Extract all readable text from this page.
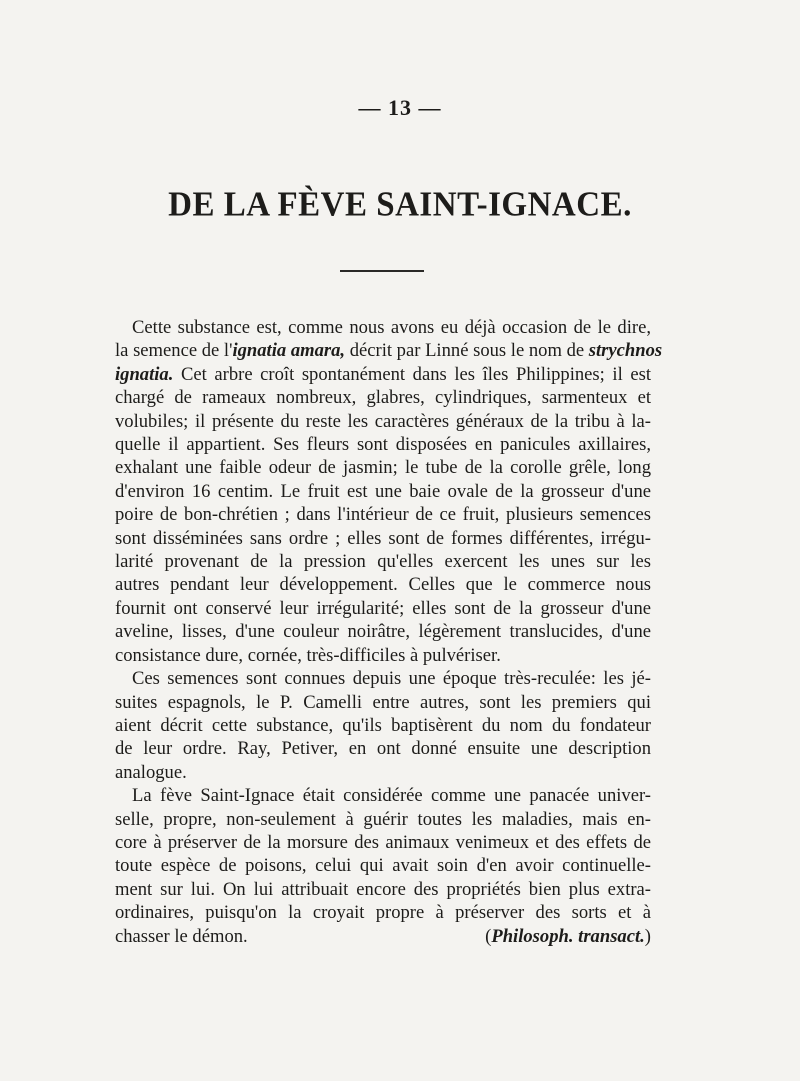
— 13 —
DE LA FÈVE SAINT-IGNACE.

Cette substance est, comme nous avons eu déjà occasion de le dire,
la semence de l'ignatia amara, décrit par Linné sous le nom de strychnos
ignatia. Cet arbre croît spontanément dans les îles Philippines; il est
chargé de rameaux nombreux, glabres, cylindriques, sarmenteux et
volubiles; il présente du reste les caractères généraux de la tribu à la-
quelle il appartient. Ses fleurs sont disposées en panicules axillaires,
exhalant une faible odeur de jasmin; le tube de la corolle grêle, long
d'environ 16 centim. Le fruit est une baie ovale de la grosseur d'une
poire de bon-chrétien ; dans l'intérieur de ce fruit, plusieurs semences
sont disséminées sans ordre ; elles sont de formes différentes, irrégu-
larité provenant de la pression qu'elles exercent les unes sur les
autres pendant leur développement. Celles que le commerce nous
fournit ont conservé leur irrégularité; elles sont de la grosseur d'une
aveline, lisses, d'une couleur noirâtre, légèrement translucides, d'une
consistance dure, cornée, très-difficiles à pulvériser.

Ces semences sont connues depuis une époque très-reculée: les jé-
suites espagnols, le P. Camelli entre autres, sont les premiers qui
aient décrit cette substance, qu'ils baptisèrent du nom du fondateur
de leur ordre. Ray, Petiver, en ont donné ensuite une description
analogue.

La fève Saint-Ignace était considérée comme une panacée univer-
selle, propre, non-seulement à guérir toutes les maladies, mais en-
core à préserver de la morsure des animaux venimeux et des effets de
toute espèce de poisons, celui qui avait soin d'en avoir continuelle-
ment sur lui. On lui attribuait encore des propriétés bien plus extra-
ordinaires, puisqu'on la croyait propre à préserver des sorts et à
chasser le démon.	(Philosoph. transact.)
